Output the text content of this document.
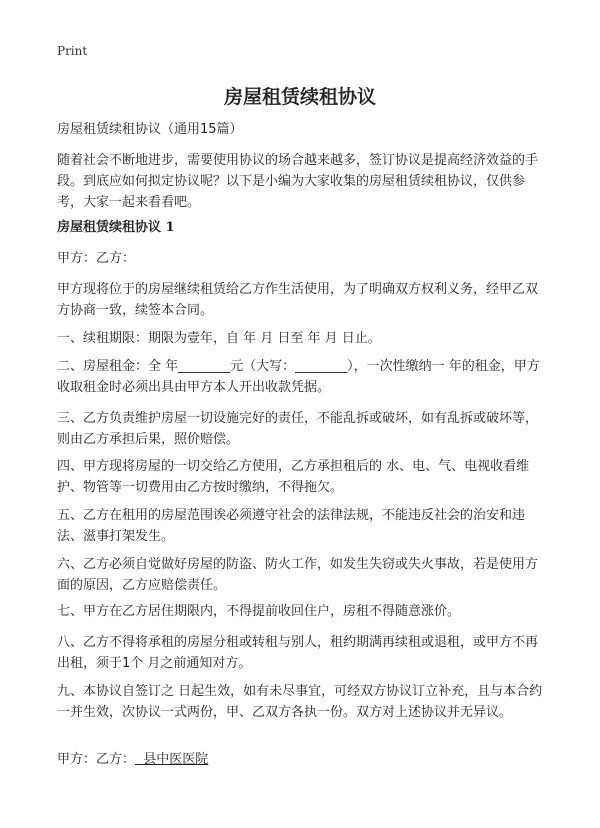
Print
房屋租赁续租协议

房屋租赁续租协议（通用15篇）

随着社会不断地进步，需要使用协议的场合越来越多，签订协议是提高经济效益的手段。到底应如何拟定协议呢？以下是小编为大家收集的房屋租赁续租协议，仅供参考，大家一起来看看吧。

房屋租赁续租协议 1

甲方：乙方：

甲方现将位于的房屋继续租赁给乙方作生活使用，为了明确双方权利义务，经甲乙双方协商一致，续签本合同。

一、续租期限：期限为壹年，自 年 月 日至 年 月 日止。

二、房屋租金：全 年________元（大写：________），一次性缴纳一 年的租金，甲方收取租金时必须出具由甲方本人开出收款凭据。

三、乙方负责维护房屋一切设施完好的责任，不能乱拆或破坏，如有乱拆或破坏等，则由乙方承担后果，照价赔偿。

四、甲方现将房屋的一切交给乙方使用，乙方承担租后的 水、电、气、电视收看维护、物管等一切费用由乙方按时缴纳，不得拖欠。

五、乙方在租用的房屋范围诶必须遵守社会的法律法规，不能违反社会的治安和违法、滋事打架发生。

六、乙方必须自觉做好房屋的防盗、防火工作，如发生失窃或失火事故，若是使用方面的原因，乙方应赔偿责任。

七、甲方在乙方居住期限内，不得提前收回住户，房租不得随意涨价。

八、乙方不得将承租的房屋分租或转租与别人，租约期满再续租或退租，或甲方不再出租，须于1个 月之前通知对方。

九、本协议自签订之 日起生效，如有未尽事宜，可经双方协议订立补充，且与本合约一并生效，次协议一式两份，甲、乙双方各执一份。双方对上述协议并无异议。

甲方：乙方： 县中医医院
